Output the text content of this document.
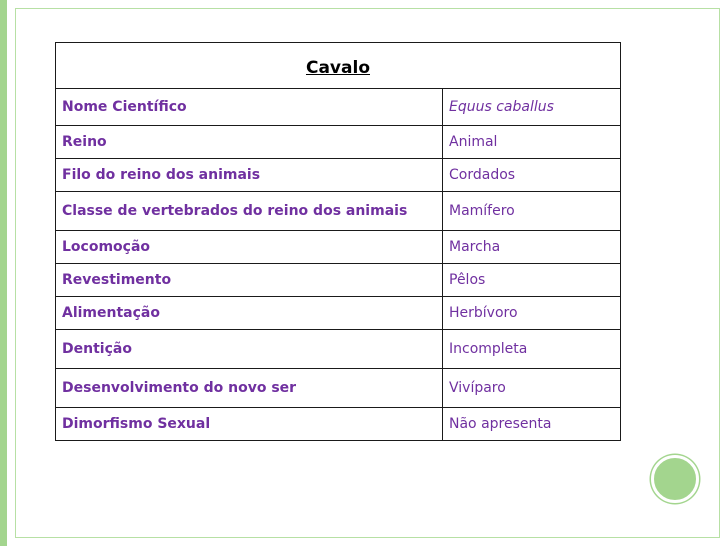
Cavalo	
Nome Científico	Equus caballus
Reino	Animal
Filo do reino dos animais	Cordados
Classe de vertebrados do reino dos animais	Mamífero
Locomoção	Marcha
Revestimento	Pêlos
Alimentação	Herbívoro
Dentição	Incompleta
Desenvolvimento do novo ser	Vivíparo
Dimorfismo Sexual	Não apresenta
